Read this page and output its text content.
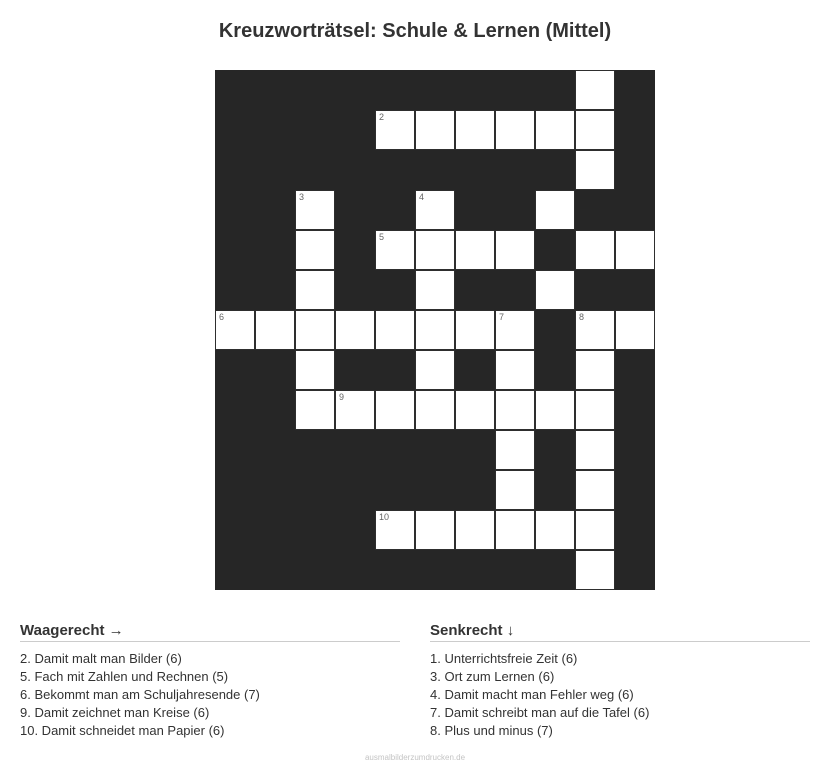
Kreuzworträtsel: Schule & Lernen (Mittel)
2
3	4
5
6	7	8
9
10
Waagerecht →
2. Damit malt man Bilder (6)
5. Fach mit Zahlen und Rechnen (5)
6. Bekommt man am Schuljahresende (7)
9. Damit zeichnet man Kreise (6)
10. Damit schneidet man Papier (6)
Senkrecht ↓
1. Unterrichtsfreie Zeit (6)
3. Ort zum Lernen (6)
4. Damit macht man Fehler weg (6)
7. Damit schreibt man auf die Tafel (6)
8. Plus und minus (7)
ausmalbilderzumdrucken.de
